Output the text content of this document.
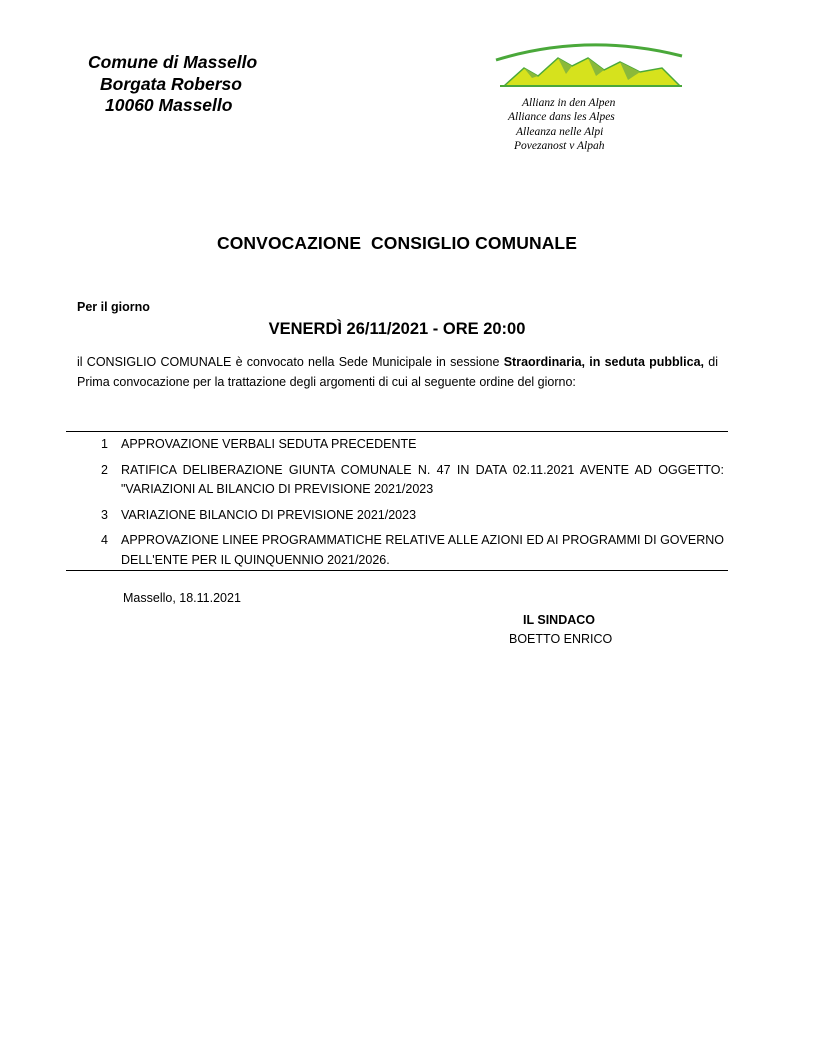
Comune di Massello
Borgata Roberso
10060 Massello	Allianz in den Alpen
Alliance dans les Alpes
Alleanza nelle Alpi
Povezanost v Alpah
CONVOCAZIONE  CONSIGLIO COMUNALE
Per il giorno
VENERDÌ 26/11/2021 - ORE 20:00
il CONSIGLIO COMUNALE è convocato nella Sede Municipale in sessione Straordinaria, in seduta pubblica, di Prima convocazione per la trattazione degli argomenti di cui al seguente ordine del giorno:
1 APPROVAZIONE VERBALI SEDUTA PRECEDENTE
2 RATIFICA DELIBERAZIONE GIUNTA COMUNALE N. 47 IN DATA 02.11.2021 AVENTE AD OGGETTO: "VARIAZIONI AL BILANCIO DI PREVISIONE 2021/2023
3 VARIAZIONE BILANCIO DI PREVISIONE 2021/2023
4 APPROVAZIONE LINEE PROGRAMMATICHE RELATIVE ALLE AZIONI ED AI PROGRAMMI DI GOVERNO DELL'ENTE PER IL QUINQUENNIO 2021/2026.
Massello, 18.11.2021
IL SINDACO
BOETTO ENRICO
